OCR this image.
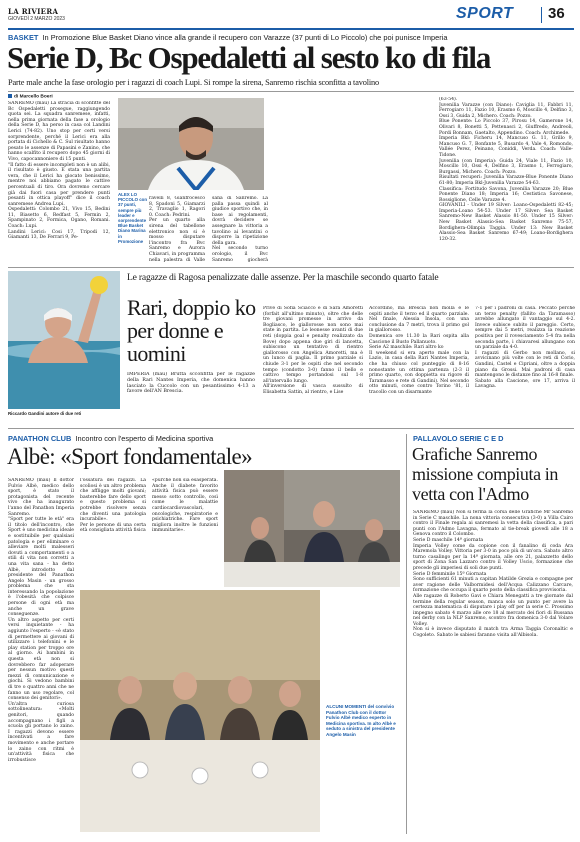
LA RIVIERA
GIOVEDÌ 2 MARZO 2023	SPORT 36
BASKET In Promozione Blue Basket Diano vince alla grande il recupero con Varazze (37 punti di Lo Piccolo) che poi punisce Imperia
Serie D, Bc Ospedaletti al sesto ko di fila
Parte male anche la fase orologio per i ragazzi di coach Lupi. Si rompe la sirena, Sanremo rischia sconfitta a tavolino
di Marcello Boeri
SANREMO (mau) La stracia di sconfitte del Bc Ospedaletti prosegue, raggiungendo quota sei. La squadra sanremese, infatti, nella prima giornata della fase a orologio della Serie D, ha perso in casa col Landini Lerici (74-82). Uno stop per certi versi sorprendente, perché il Lerici era alla portata di Cichello & C. Sul risultato hanno pesato le assenze di Papasini e Zanino, che hanno scalfito il recupero dopo 45 giorni di Vivo, capocannoniere di 15 punti.
"Il fatto di essere incompleti non è un alibi, il risultato è giusto. E stata una partita vera, che il Lerici ha giocato benissimo, mentre noi abbiamo pagato le cattive percentuali di tiro. Ora dovremo cercare già dai fuori casa per prendere punti pesanti in ottica playoff" dice il coach sanremese Andrea Lupi.
Ospedaletti: Colombo 21, Vivo 15, Bedini 11, Biasetto 6, Redfast 5, Fermin 2, Spampinato 2, Formica, Ogano, Romani. Coach: Lupi.
Landini Lerici: Cosi 17, Tripodi 12, Giamanti 13, De Ferrari 9, Pe-
ALEX LO PICCOLO con 37 punti, sempre più leader e sorprendente Blue Basket Diano Marina in Promozione
ravelli 8, Gianfrocesco 8, Spadoni 5, Giamarzi 2, Travaglio 1, Ragori 0. Coach: Pedrini.
Per un quarto alla sirena del tabellone elettronico non si è mosso disputare l'incontro fra Bvc Sanremo e Aurora Chiavari, in programma nella palestra di Valle
sana di Sanremo. La palla passa quindi al giudice sportivo che, in base ai regolamenti, dovrà decidere se assegnare la vittoria a tavolino ai levantini o disporre la ripetizione della gara.
Nel secondo turno orologio, il Bvc Sanremo giocherà

(63-54).
Juvenilia Varazze (con Diano): Caviglia 11, Fabbri 11, Ferrogiaro 11, Fazio 10, Erasmo 6, Moscillo 4, Delfino 3, Ossi 3, Guida 2, Michero. Coach: Pozzo.
Blue Ponente: Lo Piccolo 37, Pirosu 14, Gamerone 14, Olivari 8, Bonetti 5, Pettenasci 2, Giuffredo, Andreoli, Pordi Bonnam, Gaetalto, Appendino. Coach: Archimede.
Imperia Bkl: Ficheru 14, Mancuso G. 11, Grillo 9, Mancuso G. 7, Bonfante 5, Busardo 4, Vale 4, Romondo, Vallée Perez, Peinano, Coniddi, Verda. Coach: Valle-Tidone.
Juvenilia (con Imperia): Guida 24, Viale 11, Fazio 10, Moscillo 10, Ossi 4, Delfino 3, Erasmo 1, Ferrogiaro, Burgassi, Michero. Coach: Pozzo.
Risultati recuperi: Juvenilia Varazze-Blue Ponente Diano 61-80; Imperia Bkl-Juvenilia Varazze 54-63.
Classifica: Fortitudo Savona, Juvenilia Varazze 20; Blue Ponente Diano 18; Imperia 16; Cestistica Savonese, Rossiglione, Celle Varazze 4.
GIOVANILI - Under 19 Silver: Loano-Ospedaletti 82-45; Imperia-Loano 54-53. Under 17 Silver: Sea Basket Sanremo-New Basket Alassio 81-50. Under 15 Silver: New Basket Alassio-Sea Basket Sanremo 75-57, Bordighera-Olimpia Taggia. Under 13: New Basket Alassio-Sea Basket Sanremo 67-49; Loano-Bordighera 120-32.
Le ragazze di Ragosa penalizzate dalle assenze. Per la maschile secondo quarto fatale
Riccardo Gandini autore di due reti
Rari, doppio ko per donne e uomini
IMPERIA (mau) Brutta scconfitta per le ragazze della Rari Nantes Imperia, che domenica hanno lasciato la Cuccolo con un pesantissimo 4-13 a favore dell'AN Brescia.
Prive di Sofia Sciacco e di Sara Amoretti (forfait all'ultimo minuto), oltre che delle tre giovani promesse in arrivo da Bogliasco, le giallorosse non sono mai state in partita. Le leonesse avanti di due reti (doppia goal e penalty realizzato da Bove) dopo appena due giri di lancetta, subiscono un tentativo di rientro giallorosso con Angelica Amoretti, ma è un lunco di paglia. Il primo parziale si chiude 3-1 per le ospiti che nel secondo tempo (condotto 3-0) fanno il bello e cattivo tempo portandosi sul 1-8 all'intervallo lungo.
All'inversione di vasca sussulto di Elisabetta Sattin, al rientro, e Lise
Accordino, ma Brescia non molla e le ospiti anche il terzo ed il quarto parziale. Nel finale, Alessia Insola, con una conclusione da 7 metri, trova il primo gol in giallorosso.
Domenica ore 11.30 la Rari ospita alla Cascione il Busto Pallanuoto.
Serie A2 maschile: Rari altro ko
Il weekend si era aperto male con la Lazio, in casa della Rari Nantes Imperia, che ha chiuso col punteggio di 8-16 nonostante un ottima partenza (2-3 il primo quarto, con doppietta su rigore di Taramasso e rete di Gandini). Nel secondo otto minuti, come contro Torino '81, il tracollo con un disarmante
7-1 per i padroni di casa. Peccato perché un terzo penalty (fallito da Taramasso) avrebbe allungato il vantaggio sul 4-2. Invece subisce subito il pareggio. Certo, sempre dai 5 metri, realizza la reazione positiva per il rovesciamento 5-4 fra nella seconda parte, i chiavaresi allungano con un parziale da 4-0.
I ragazzi di Gerbo non mollano, si avvicinano più volte con le reti di Corio, Gandini, Castel e Cipriani, oltre a doppia piano da Grossi. Mai padroni di casa mantengono le distanze fino al 16-8 finale.
Sabato alla Cascione, ore 17, arriva il Lavagna.
PANATHON CLUB Incontro con l'esperto di Medicina sportiva
Albè: «Sport fondamentale»
SANREMO (mau) Il dottor Fulvio Albè, medico dello sport, è stato il protagonista del recente vivo che ha inaugurato l'anno del Panathon Imperia Sanremo.
"Sport per tutte le età" era il titolo dell'incontro, che Sport è uno medicina ideale e sostituibile per qualsiasi patologia e per eliminare o alleviare molti malesseri dovuti a comportamenti o a stili di vita non corretti a una vita sana - ha detto Albè, introdotto dal presidente del Panathon Angelo Masin - un grosso problema che sta interessando la popolazione è l'obesità che colpisce persone di ogni età ma anche un grave conseguenze.
Un altro aspetto per certi versi inquietante - ha aggiunto l'esperto - «è stato di permettere ai giovani di utilizzare i telefonini e le play station per troppo ore al giorno. Ai bambini in questa età non si dovrebbero far adoperare per nessun motivo questi mezzi di comunicazione e giochi. Si vedono bambini di tre o quattro anni che ne fanno un uso regolare, col consenso dei genitori».
Un'altra curiosa sottolineatura: «Molti genitori, quando accompagnano i figli a scuola gli portano lo zaino. I ragazzi devono essere incentivati a fare movimento e anche portare lo zaino con ritmi è un'attività fisica che irrobustisce
l'ossatura dei ragazzi. La scoliosi è un altro problema che affligge molti giovani; basterebbe fare dello sport e questo problema si potrebbe risolvere senza che diventi una patologia incurabile».
Per le persone di una certa età consigliata attività fisica
«purché non sia esasperata. Anche il diabete favorito attività fisica può essere messo sotto controllo, così come le malattie cardiocardiovascolari, oncologiche, respiratorie e psichiatriche. Fare sport migliora inoltre le funzioni immunitarie».
ALCUNI MOMENTI del convivio Panathon Club con il dottor Fulvio Albè medico esperto in Medicina sportiva. In alto Albè e seduto a sinistra del presidente Angelo Masin
PALLAVOLO SERIE C E D
Grafiche Sanremo missione compiuta in vetta con l'Admo
SANREMO (mau) Non si ferma la corsa delle Grafiche Mr Sanremo in Serie C maschile. La nona vittoria consecutiva (3-0) a Villa Cairo contro il Finale regala ai sanremesi la vetta della classifica, a pari punti con l'Admo Lavagna, fermato al tie-break giovedì alle 18 a Genova contro il Colombo.
Serie D maschile 14ª giornata
Imperia Volley come da copione con il fanalino di coda Ara Maremola Volley. Vittoria per 3-0 in poco più di un'ora. Sabato altro turno casalingo per la 14ª giornata, alle ore 21, palazzetto dello sport di Zona San Lazzaro contro il Volley Uscio, formazione che precede gli imperiesi di soli due punti.
Serie D femminile 15ª Giornata
Sono sufficienti 61 minuti a capitan Matilde Grezia e compagne per aver ragione delle Valbormidesi dell'Acqua Calizzano Carcare, formazione che occupa il quarto posto della classifica provvisoria.
Alle ragazze di Roberto Gavi e Chiara Menegatti a tre giornate dal termine della regular season, manca solo un punto per avere la certezza matematica di disputare i play off per la serie C. Prossimo impegno sabato 4 marzo alle ore 18 al mercato dei fiori di Bussana nel derby con la NLP Sanremo, scontro fra domenica 3-0 dal Volare Volley.
Non si è invece disputato il match tra Arma Taggia Coronaltic e Cogoleto. Sabato le sabiesi faranno visita all'Albisola.
